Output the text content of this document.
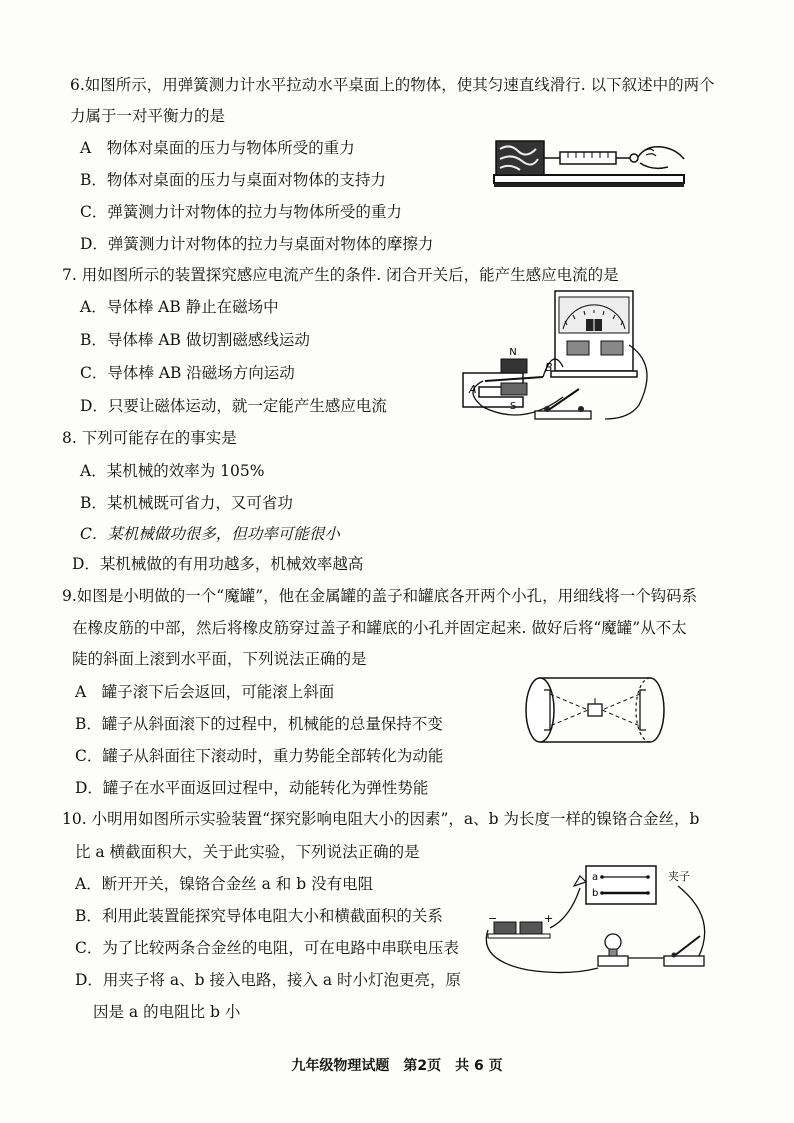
6.如图所示，用弹簧测力计水平拉动水平桌面上的物体，使其匀速直线滑行. 以下叙述中的两个
力属于一对平衡力的是
A　物体对桌面的压力与物体所受的重力
B．物体对桌面的压力与桌面对物体的支持力
C．弹簧测力计对物体的拉力与物体所受的重力
D．弹簧测力计对物体的拉力与桌面对物体的摩擦力
7. 用如图所示的装置探究感应电流产生的条件. 闭合开关后，能产生感应电流的是
A．导体棒 AB 静止在磁场中
B．导体棒 AB 做切割磁感线运动
C．导体棒 AB 沿磁场方向运动
D．只要让磁体运动，就一定能产生感应电流
N
S
A
B
8. 下列可能存在的事实是
A．某机械的效率为 105%
B．某机械既可省力，又可省功
C．某机械做功很多，但功率可能很小
D．某机械做的有用功越多，机械效率越高
9.如图是小明做的一个“魔罐”，他在金属罐的盖子和罐底各开两个小孔，用细线将一个钩码系
在橡皮筋的中部，然后将橡皮筋穿过盖子和罐底的小孔并固定起来. 做好后将“魔罐”从不太
陡的斜面上滚到水平面，下列说法正确的是
A　罐子滚下后会返回，可能滚上斜面
B．罐子从斜面滚下的过程中，机械能的总量保持不变
C．罐子从斜面往下滚动时，重力势能全部转化为动能
D．罐子在水平面返回过程中，动能转化为弹性势能
10. 小明用如图所示实验装置“探究影响电阻大小的因素”，a、b 为长度一样的镍铬合金丝，b
比 a 横截面积大，关于此实验，下列说法正确的是
A．断开开关，镍铬合金丝 a 和 b 没有电阻
B．利用此装置能探究导体电阻大小和横截面积的关系
C．为了比较两条合金丝的电阻，可在电路中串联电压表
D．用夹子将 a、b 接入电路，接入 a 时小灯泡更亮，原
因是 a 的电阻比 b 小
a
b
夹子
−	+
九年级物理试题　第2页　共 6 页
